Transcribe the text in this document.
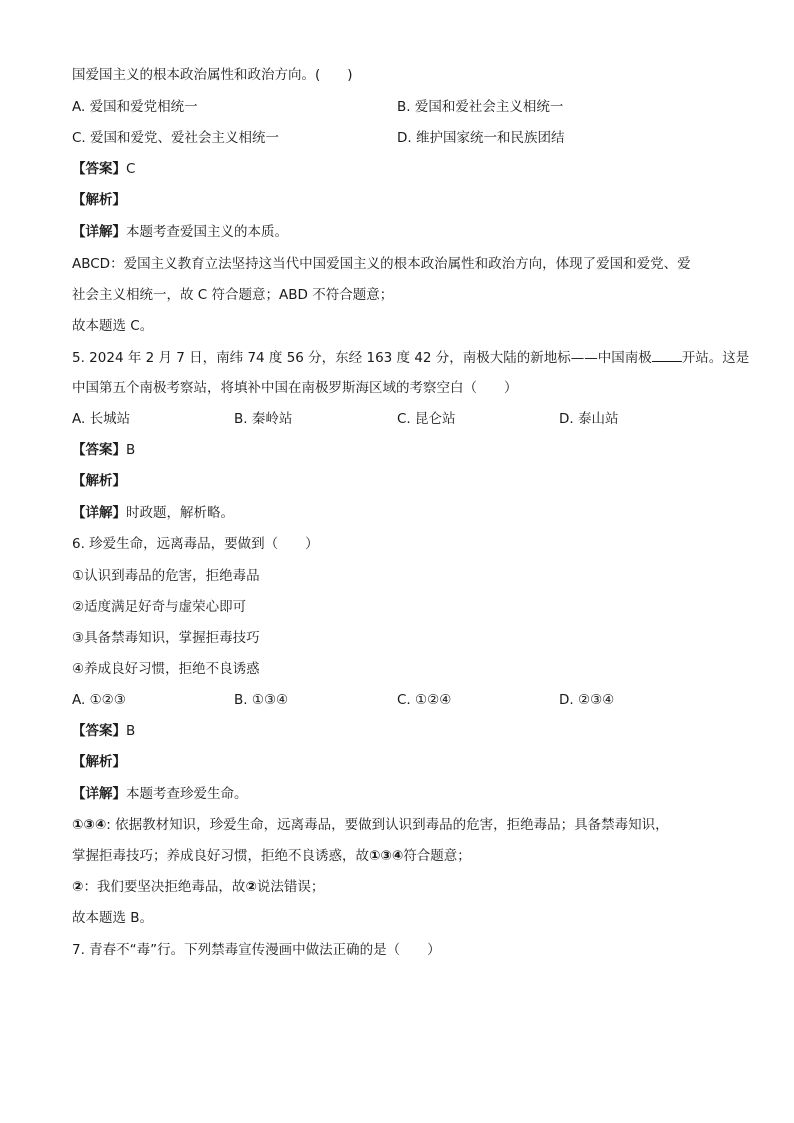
国爱国主义的根本政治属性和政治方向。(　　)
A. 爱国和爱党相统一	B. 爱国和爱社会主义相统一
C. 爱国和爱党、爱社会主义相统一	D. 维护国家统一和民族团结
【答案】C
【解析】
【详解】本题考查爱国主义的本质。
ABCD：爱国主义教育立法坚持这当代中国爱国主义的根本政治属性和政治方向，体现了爱国和爱党、爱
社会主义相统一，故 C 符合题意；ABD 不符合题意；
故本题选 C。
5. 2024 年 2 月 7 日，南纬 74 度 56 分，东经 163 度 42 分，南极大陆的新地标——中国南极 开站。这是
中国第五个南极考察站，将填补中国在南极罗斯海区域的考察空白（　　）
A. 长城站	B. 秦岭站	C. 昆仑站	D. 泰山站
【答案】B
【解析】
【详解】时政题，解析略。
6. 珍爱生命，远离毒品，要做到（　　）
①认识到毒品的危害，拒绝毒品
②适度满足好奇与虚荣心即可
③具备禁毒知识，掌握拒毒技巧
④养成良好习惯，拒绝不良诱惑
A. ①②③	B. ①③④	C. ①②④	D. ②③④
【答案】B
【解析】
【详解】本题考查珍爱生命。
①③④: 依据教材知识，珍爱生命，远离毒品，要做到认识到毒品的危害，拒绝毒品；具备禁毒知识，
掌握拒毒技巧；养成良好习惯，拒绝不良诱惑，故①③④符合题意；
②：我们要坚决拒绝毒品，故②说法错误；
故本题选 B。
7. 青春不“毒”行。下列禁毒宣传漫画中做法正确的是（　　）
